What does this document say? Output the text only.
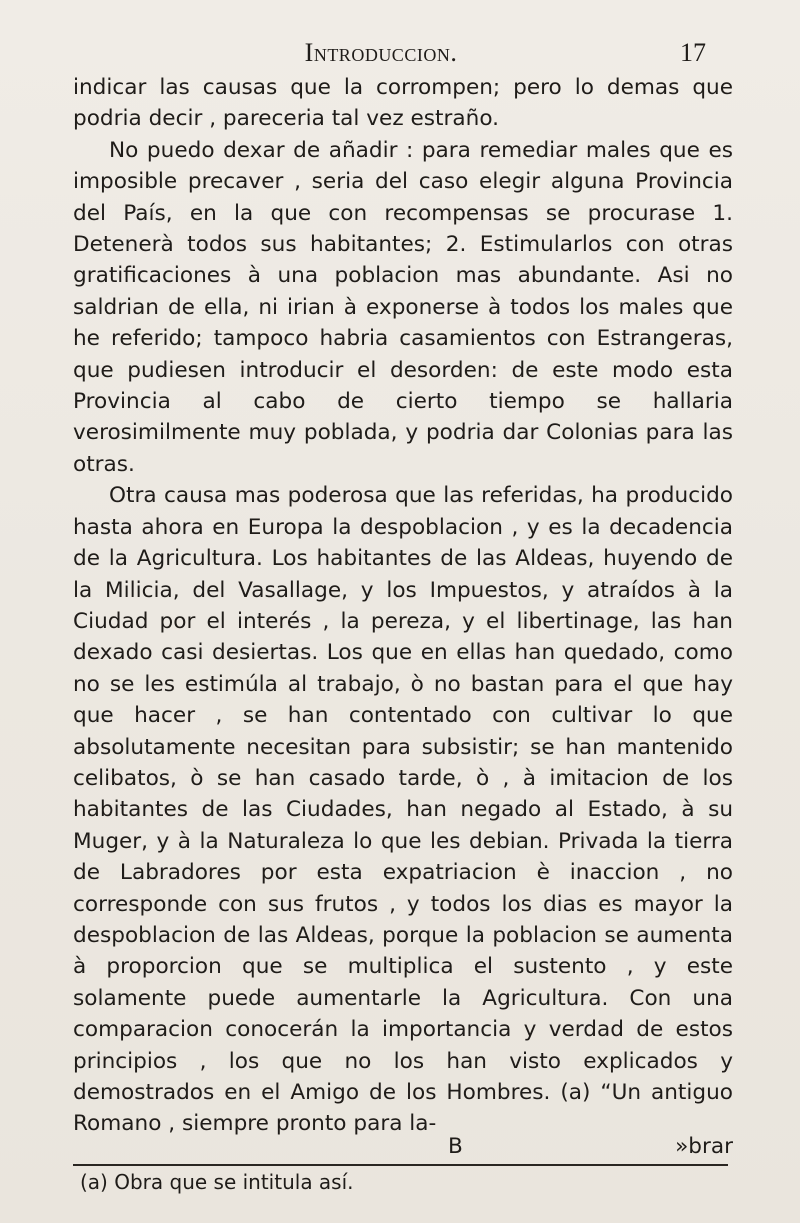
Introduccion.	17

indicar las causas que la corrompen; pero lo demas que podria decir , pareceria tal vez estraño.

No puedo dexar de añadir : para remediar males que es imposible precaver , seria del caso elegir alguna Provincia del País, en la que con recompensas se procurase 1. Detenerà todos sus habitantes; 2. Estimularlos con otras gratificaciones à una poblacion mas abundante. Asi no saldrian de ella, ni irian à exponerse à todos los males que he referido; tampoco habria casamientos con Estrangeras, que pudiesen introducir el desorden: de este modo esta Provincia al cabo de cierto tiempo se hallaria verosimilmente muy poblada, y podria dar Colonias para las otras.

Otra causa mas poderosa que las referidas, ha producido hasta ahora en Europa la despoblacion , y es la decadencia de la Agricultura. Los habitantes de las Aldeas, huyendo de la Milicia, del Vasallage, y los Impuestos, y atraídos à la Ciudad por el interés , la pereza, y el libertinage, las han dexado casi desiertas. Los que en ellas han quedado, como no se les estimúla al trabajo, ò no bastan para el que hay que hacer , se han contentado con cultivar lo que absolutamente necesitan para subsistir; se han mantenido celibatos, ò se han casado tarde, ò , à imitacion de los habitantes de las Ciudades, han negado al Estado, à su Muger, y à la Naturaleza lo que les debian. Privada la tierra de Labradores por esta expatriacion è inaccion , no corresponde con sus frutos , y todos los dias es mayor la despoblacion de las Aldeas, porque la poblacion se aumenta à proporcion que se multiplica el sustento , y este solamente puede aumentarle la Agricultura. Con una comparacion conocerán la importancia y verdad de estos principios , los que no los han visto explicados y demostrados en el Amigo de los Hombres. (a) “Un antiguo Romano , siempre pronto para la-

B	»brar
(a) Obra que se intitula así.
